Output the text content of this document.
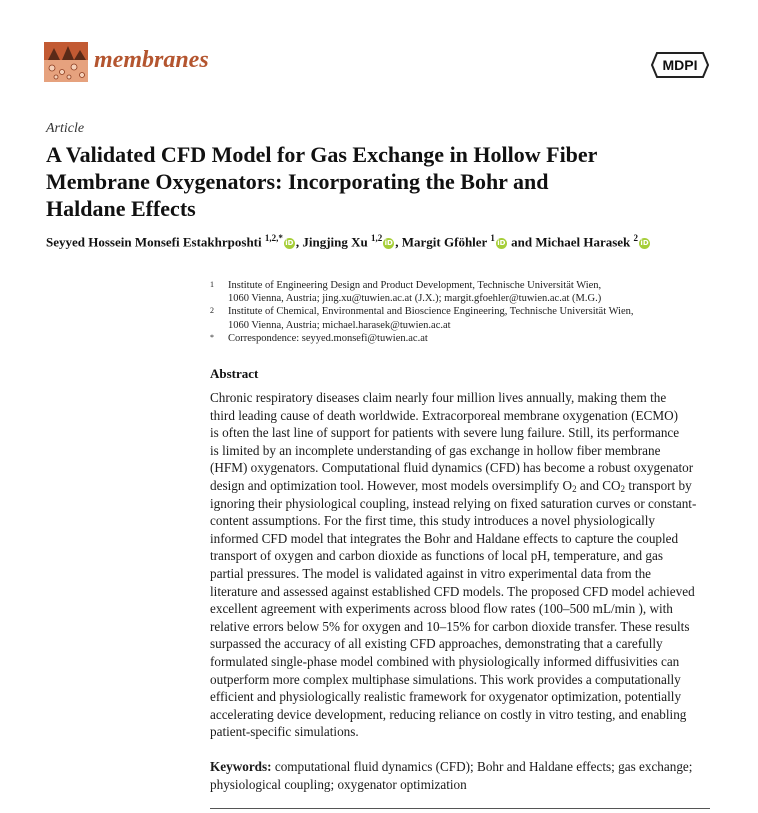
membranes	MDPI
Article
A Validated CFD Model for Gas Exchange in Hollow Fiber
Membrane Oxygenators: Incorporating the Bohr and
Haldane Effects
Seyyed Hossein Monsefi Estakhrposhti $^{1,2,*}$iD , Jingjing Xu $^{1,2}$iD , Margit Gföhler $^1$iD and Michael Harasek $^2$iD
1 Institute of Engineering Design and Product Development, Technische Universität Wien,
1060 Vienna, Austria; jing.xu@tuwien.ac.at (J.X.); margit.gfoehler@tuwien.ac.at (M.G.)
2 Institute of Chemical, Environmental and Bioscience Engineering, Technische Universität Wien,
1060 Vienna, Austria; michael.harasek@tuwien.ac.at
* Correspondence: seyyed.monsefi@tuwien.ac.at
Abstract
Chronic respiratory diseases claim nearly four million lives annually, making them the
third leading cause of death worldwide. Extracorporeal membrane oxygenation (ECMO)
is often the last line of support for patients with severe lung failure. Still, its performance
is limited by an incomplete understanding of gas exchange in hollow fiber membrane
(HFM) oxygenators. Computational fluid dynamics (CFD) has become a robust oxygenator
design and optimization tool. However, most models oversimplify $O_2$ and $CO_2$ transport by
ignoring their physiological coupling, instead relying on fixed saturation curves or constant-
content assumptions. For the first time, this study introduces a novel physiologically
informed CFD model that integrates the Bohr and Haldane effects to capture the coupled
transport of oxygen and carbon dioxide as functions of local pH, temperature, and gas
partial pressures. The model is validated against in vitro experimental data from the
literature and assessed against established CFD models. The proposed CFD model achieved
excellent agreement with experiments across blood flow rates (100–500 mL/min ), with
relative errors below 5% for oxygen and 10–15% for carbon dioxide transfer. These results
surpassed the accuracy of all existing CFD approaches, demonstrating that a carefully
formulated single-phase model combined with physiologically informed diffusivities can
outperform more complex multiphase simulations. This work provides a computationally
efficient and physiologically realistic framework for oxygenator optimization, potentially
accelerating device development, reducing reliance on costly in vitro testing, and enabling
patient-specific simulations.
Keywords: computational fluid dynamics (CFD); Bohr and Haldane effects; gas exchange;
physiological coupling; oxygenator optimization
